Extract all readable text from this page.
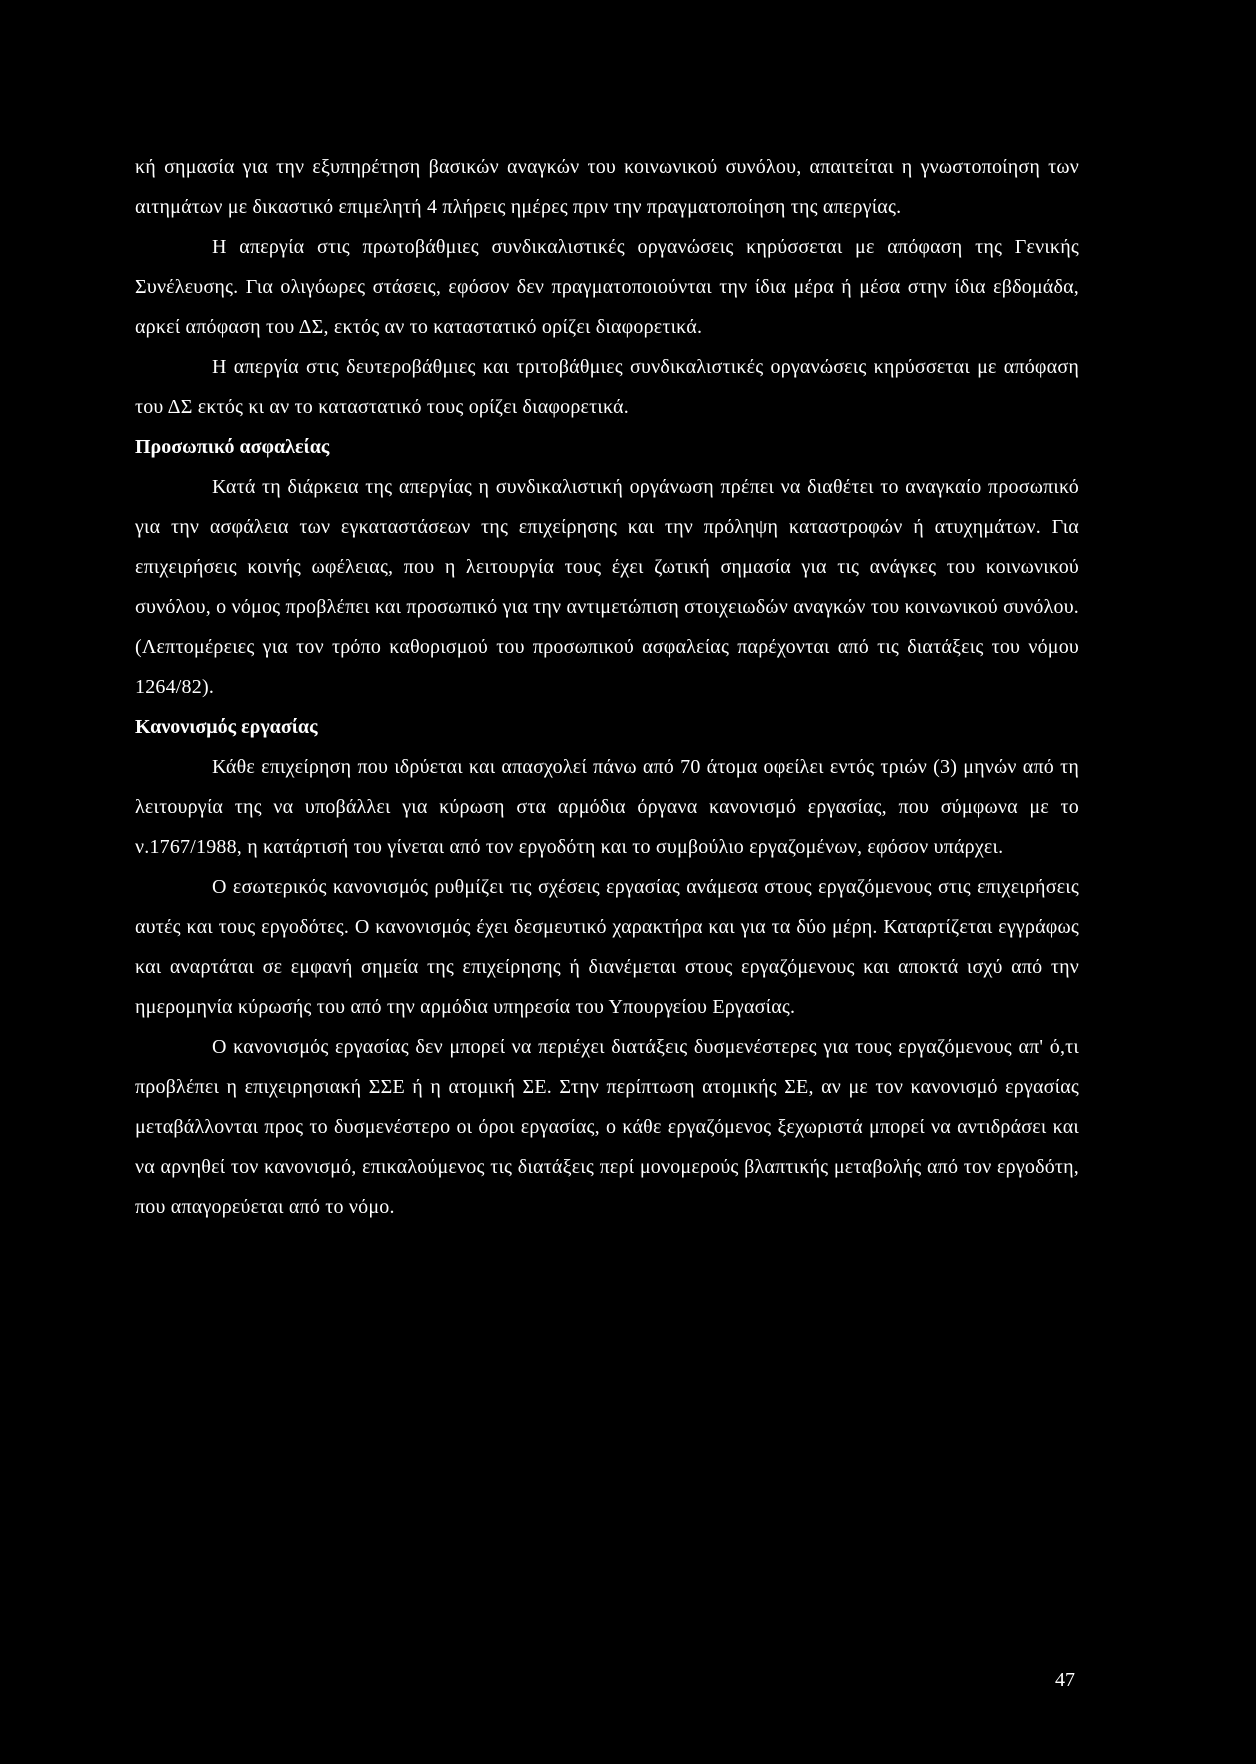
κή σημασία για την εξυπηρέτηση βασικών αναγκών του κοινωνικού συνόλου, απαιτείται η γνωστοποίηση των αιτημάτων με δικαστικό επιμελητή 4 πλήρεις ημέρες πριν την πραγματοποίηση της απεργίας.

Η απεργία στις πρωτοβάθμιες συνδικαλιστικές οργανώσεις κηρύσσεται με απόφαση της Γενικής Συνέλευσης. Για ολιγόωρες στάσεις, εφόσον δεν πραγματοποιούνται την ίδια μέρα ή μέσα στην ίδια εβδομάδα, αρκεί απόφαση του ΔΣ, εκτός αν το καταστατικό ορίζει διαφορετικά.

Η απεργία στις δευτεροβάθμιες και τριτοβάθμιες συνδικαλιστικές οργανώσεις κηρύσσεται με απόφαση του ΔΣ εκτός κι αν το καταστατικό τους ορίζει διαφορετικά.

Προσωπικό ασφαλείας

Κατά τη διάρκεια της απεργίας η συνδικαλιστική οργάνωση πρέπει να διαθέτει το αναγκαίο προσωπικό για την ασφάλεια των εγκαταστάσεων της επιχείρησης και την πρόληψη καταστροφών ή ατυχημάτων. Για επιχειρήσεις κοινής ωφέλειας, που η λειτουργία τους έχει ζωτική σημασία για τις ανάγκες του κοινωνικού συνόλου, ο νόμος προβλέπει και προσωπικό για την αντιμετώπιση στοιχειωδών αναγκών του κοινωνικού συνόλου. (Λεπτομέρειες για τον τρόπο καθορισμού του προσωπικού ασφαλείας παρέχονται από τις διατάξεις του νόμου 1264/82).

Κανονισμός εργασίας

Κάθε επιχείρηση που ιδρύεται και απασχολεί πάνω από 70 άτομα οφείλει εντός τριών (3) μηνών από τη λειτουργία της να υποβάλλει για κύρωση στα αρμόδια όργανα κανονισμό εργασίας, που σύμφωνα με το ν.1767/1988, η κατάρτισή του γίνεται από τον εργοδότη και το συμβούλιο εργαζομένων, εφόσον υπάρχει.

Ο εσωτερικός κανονισμός ρυθμίζει τις σχέσεις εργασίας ανάμεσα στους εργαζόμενους στις επιχειρήσεις αυτές και τους εργοδότες. Ο κανονισμός έχει δεσμευτικό χαρακτήρα και για τα δύο μέρη. Καταρτίζεται εγγράφως και αναρτάται σε εμφανή σημεία της επιχείρησης ή διανέμεται στους εργαζόμενους και αποκτά ισχύ από την ημερομηνία κύρωσής του από την αρμόδια υπηρεσία του Υπουργείου Εργασίας.

Ο κανονισμός εργασίας δεν μπορεί να περιέχει διατάξεις δυσμενέστερες για τους εργαζόμενους απ' ό,τι προβλέπει η επιχειρησιακή ΣΣΕ ή η ατομική ΣΕ. Στην περίπτωση ατομικής ΣΕ, αν με τον κανονισμό εργασίας μεταβάλλονται προς το δυσμενέστερο οι όροι εργασίας, ο κάθε εργαζόμενος ξεχωριστά μπορεί να αντιδράσει και να αρνηθεί τον κανονισμό, επικαλούμενος τις διατάξεις περί μονομερούς βλαπτικής μεταβολής από τον εργοδότη, που απαγορεύεται από το νόμο.

47
